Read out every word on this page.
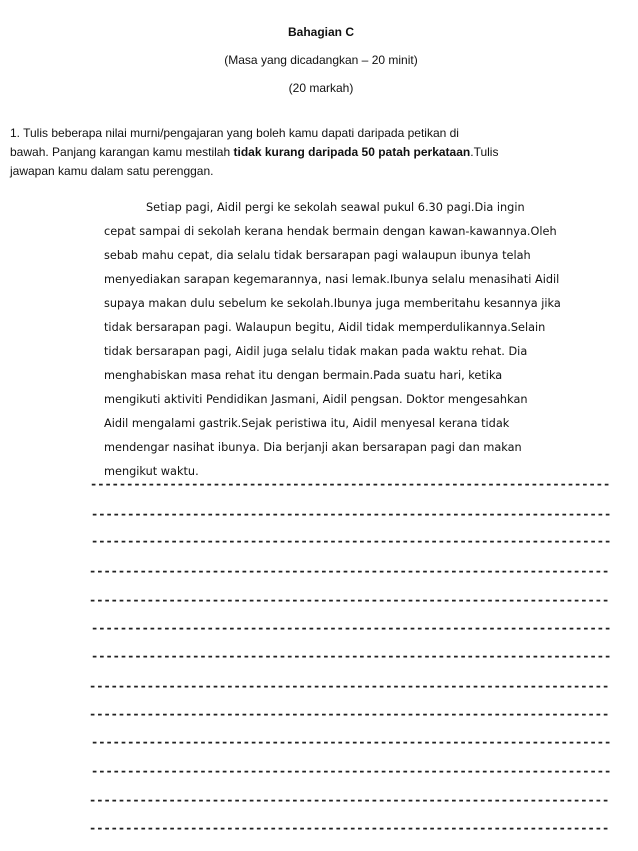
Bahagian C
(Masa yang dicadangkan – 20 minit)
(20 markah)
1. Tulis beberapa nilai murni/pengajaran yang boleh kamu dapati daripada petikan di
bawah. Panjang karangan kamu mestilah tidak kurang daripada 50 patah perkataan.Tulis
jawapan kamu dalam satu perenggan.
Setiap pagi, Aidil pergi ke sekolah seawal pukul 6.30 pagi.Dia ingin
cepat sampai di sekolah kerana hendak bermain dengan kawan-kawannya.Oleh
sebab mahu cepat, dia selalu tidak bersarapan pagi walaupun ibunya telah
menyediakan sarapan kegemarannya, nasi lemak.Ibunya selalu menasihati Aidil
supaya makan dulu sebelum ke sekolah.Ibunya juga memberitahu kesannya jika
tidak bersarapan pagi. Walaupun begitu, Aidil tidak memperdulikannya.Selain
tidak bersarapan pagi, Aidil juga selalu tidak makan pada waktu rehat. Dia
menghabiskan masa rehat itu dengan bermain.Pada suatu hari, ketika
mengikuti aktiviti Pendidikan Jasmani, Aidil pengsan. Doktor mengesahkan
Aidil mengalami gastrik.Sejak peristiwa itu, Aidil menyesal kerana tidak
mendengar nasihat ibunya. Dia berjanji akan bersarapan pagi dan makan
mengikut waktu.
------------------------------------------------------------------------
------------------------------------------------------------------------
------------------------------------------------------------------------
------------------------------------------------------------------------
------------------------------------------------------------------------
------------------------------------------------------------------------
------------------------------------------------------------------------
------------------------------------------------------------------------
------------------------------------------------------------------------
------------------------------------------------------------------------
------------------------------------------------------------------------
------------------------------------------------------------------------
------------------------------------------------------------------------
